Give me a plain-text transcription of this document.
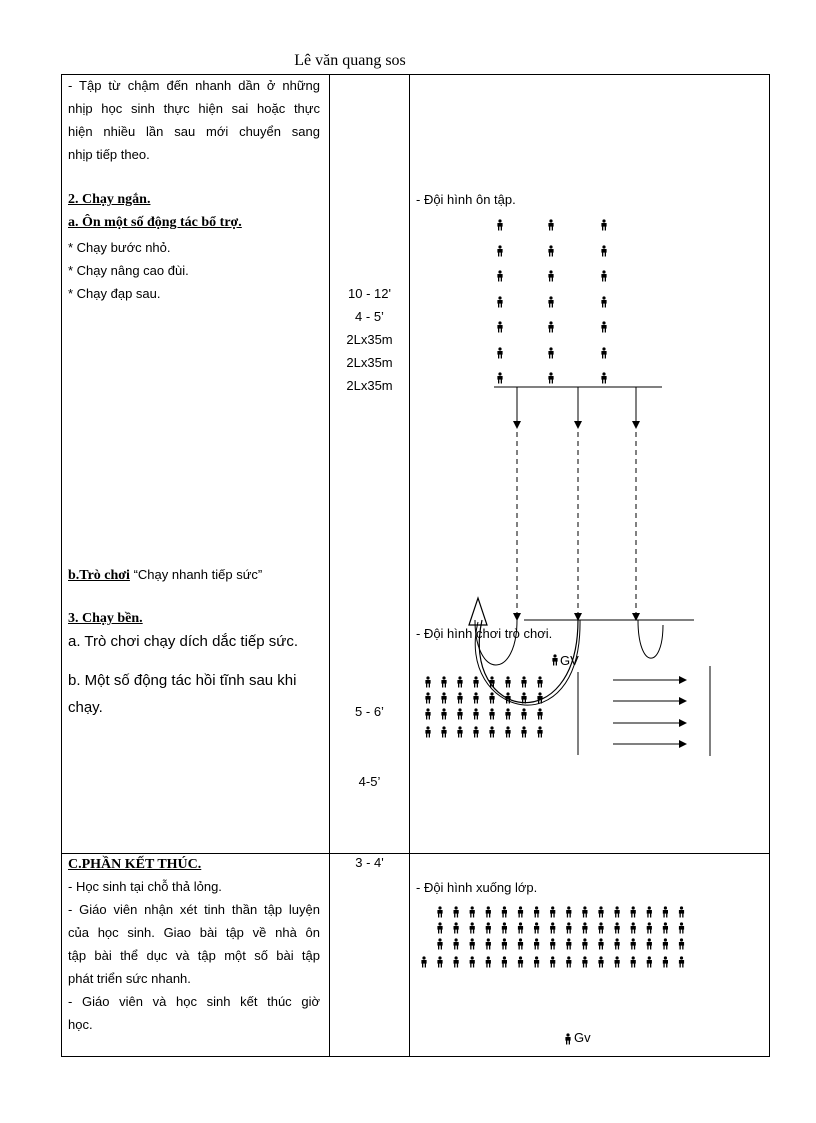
Lê văn quang sos
- Tập từ chậm đến nhanh dần ở những
nhịp học sinh thực hiện sai hoặc thực
hiện nhiều lần sau mới chuyển sang
nhịp tiếp theo.
2. Chạy ngắn.
a. Ôn một số động tác bổ trợ.
* Chạy bước nhỏ.
* Chạy nâng cao đùi.
* Chạy đạp sau.
b.Trò chơi “Chạy nhanh tiếp sức”
3. Chạy bền.
a. Trò chơi chạy dích dắc tiếp sức.
b. Một số động tác hồi tĩnh sau khi
chạy.
C.PHẦN KẾT THÚC.
- Học sinh tại chỗ thả lỏng.
- Giáo viên nhận xét tinh thần tập luyện
của học sinh. Giao bài tập về nhà ôn
tập bài thể dục và tập một số bài tập
phát triển sức nhanh.
- Giáo viên và học sinh kết thúc giờ
học.
10 - 12'
4 - 5’
2Lx35m
2Lx35m
2Lx35m
5 - 6’
4-5’
3 - 4'
- Đội hình ôn tập.
- Đội hình chơi trò chơi.
GV
- Đội hình xuống lớp.
Gv
